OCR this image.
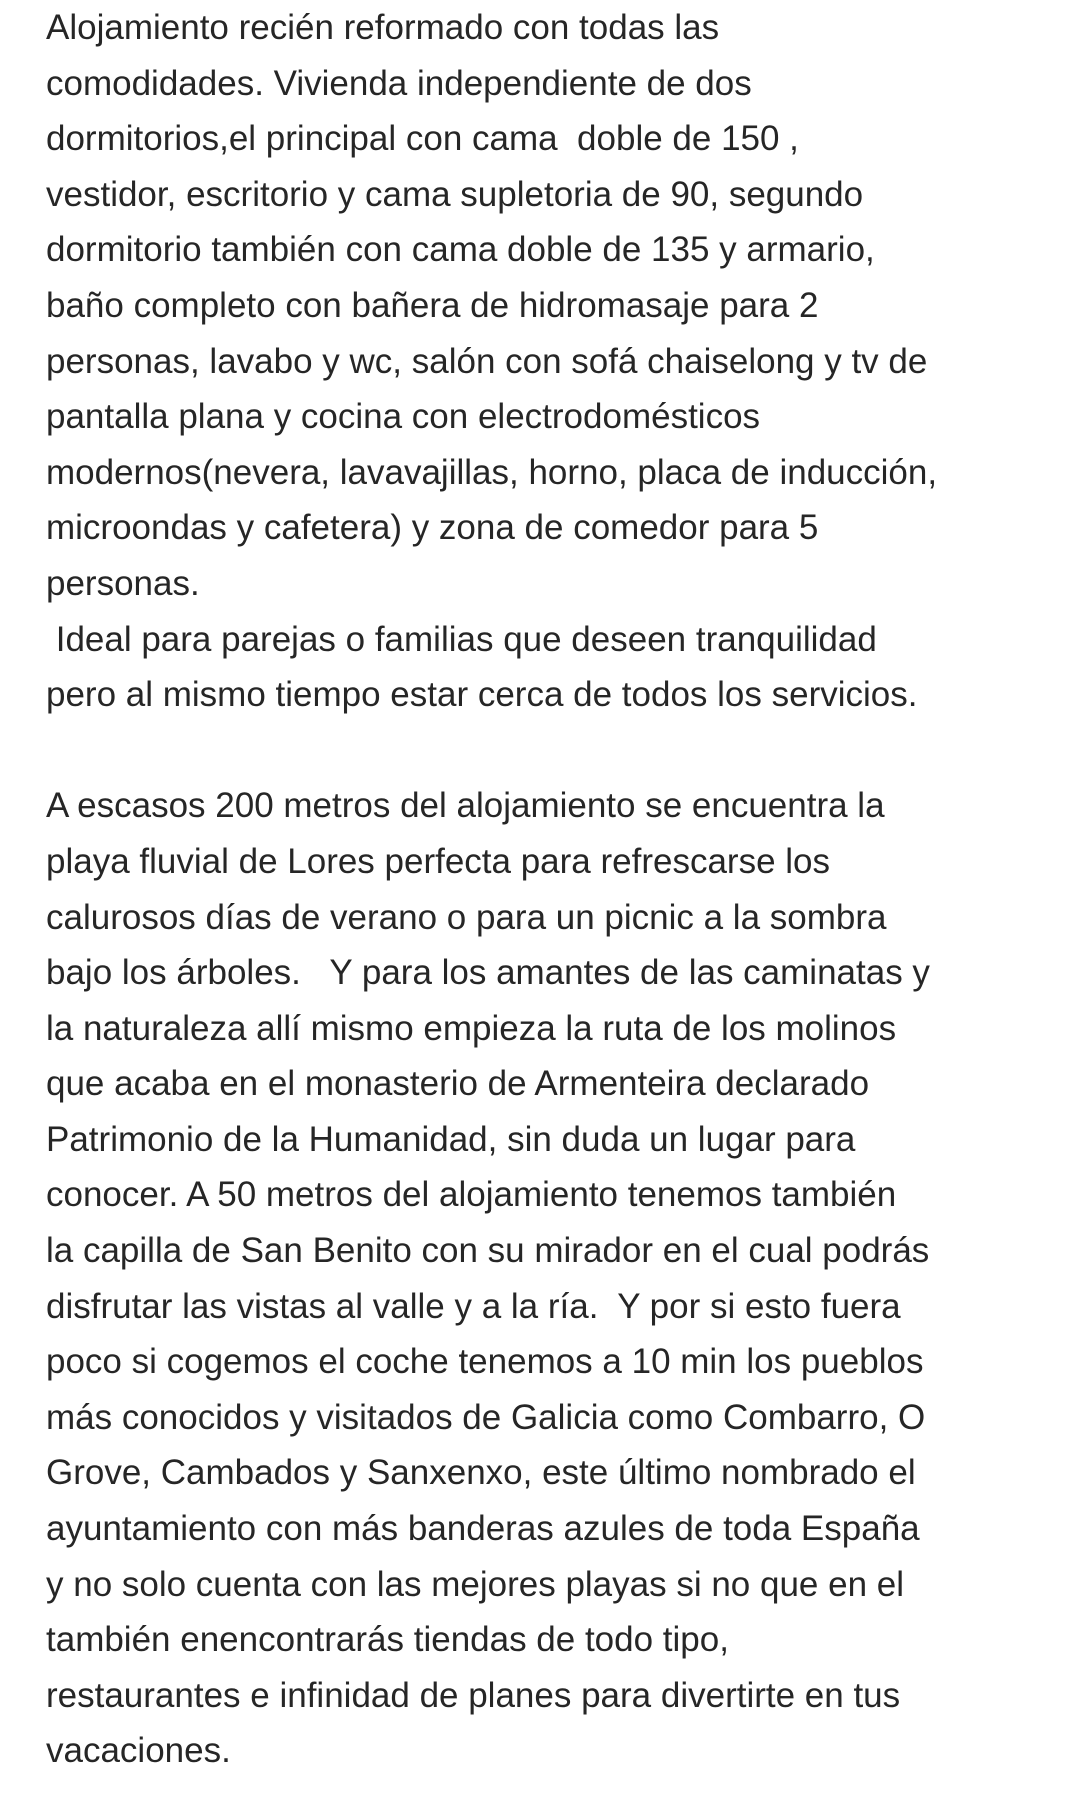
Alojamiento recién reformado con todas las
comodidades. Vivienda independiente de dos
dormitorios,el principal con cama  doble de 150 ,
vestidor, escritorio y cama supletoria de 90, segundo
dormitorio también con cama doble de 135 y armario,
baño completo con bañera de hidromasaje para 2
personas, lavabo y wc, salón con sofá chaiselong y tv de
pantalla plana y cocina con electrodomésticos
modernos(nevera, lavavajillas, horno, placa de inducción,
microondas y cafetera) y zona de comedor para 5
personas.
Ideal para parejas o familias que deseen tranquilidad
pero al mismo tiempo estar cerca de todos los servicios.
A escasos 200 metros del alojamiento se encuentra la
playa fluvial de Lores perfecta para refrescarse los
calurosos días de verano o para un picnic a la sombra
bajo los árboles.   Y para los amantes de las caminatas y
la naturaleza allí mismo empieza la ruta de los molinos
que acaba en el monasterio de Armenteira declarado
Patrimonio de la Humanidad, sin duda un lugar para
conocer. A 50 metros del alojamiento tenemos también
la capilla de San Benito con su mirador en el cual podrás
disfrutar las vistas al valle y a la ría.  Y por si esto fuera
poco si cogemos el coche tenemos a 10 min los pueblos
más conocidos y visitados de Galicia como Combarro, O
Grove, Cambados y Sanxenxo, este último nombrado el
ayuntamiento con más banderas azules de toda España
y no solo cuenta con las mejores playas si no que en el
también enencontrarás tiendas de todo tipo,
restaurantes e infinidad de planes para divertirte en tus
vacaciones.
